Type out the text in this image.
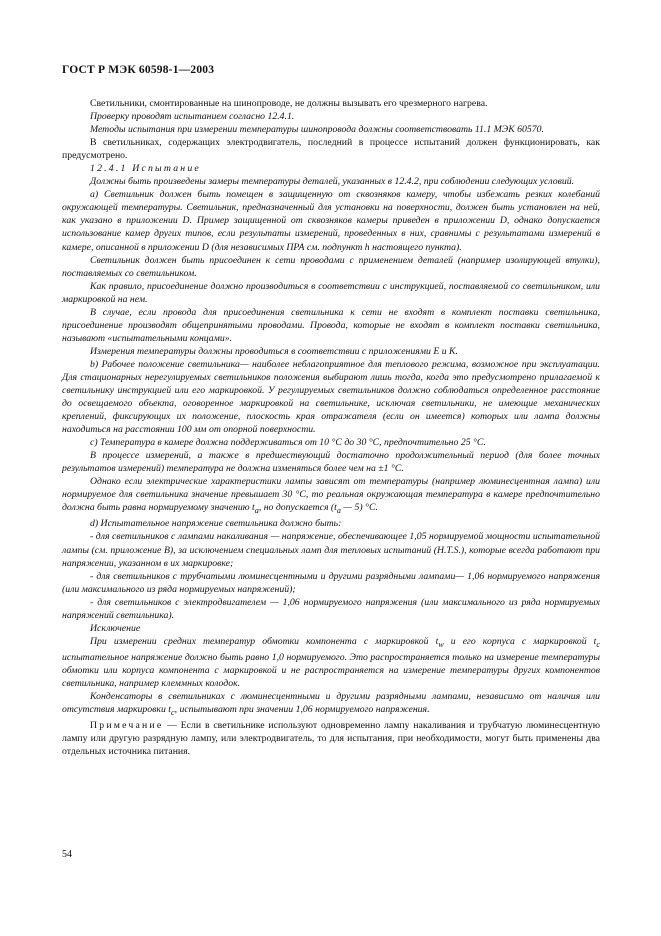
ГОСТ Р МЭК 60598-1—2003

Светильники, смонтированные на шинопроводе, не должны вызывать его чрезмерного нагрева.

Проверку проводят испытанием согласно 12.4.1.

Методы испытания при измерении температуры шинопровода должны соответствовать 11.1 МЭК 60570.

В светильниках, содержащих электродвигатель, последний в процессе испытаний должен функционировать, как предусмотрено.

12.4.1 Испытание

Должны быть произведены замеры температуры деталей, указанных в 12.4.2, при соблюдении следующих условий.

а) Светильник должен быть помещен в защищенную от сквозняков камеру, чтобы избежать резких колебаний окружающей температуры. Светильник, предназначенный для установки на поверхности, должен быть установлен на ней, как указано в приложении D. Пример защищенной от сквозняков камеры приведен в приложении D, однако допускается использование камер других типов, если результаты измерений, проведенных в них, сравнимы с результатами измерений в камере, описанной в приложении D (для независимых ПРА см. подпункт h настоящего пункта).

Светильник должен быть присоединен к сети проводами с применением деталей (например изолирующей втулки), поставляемых со светильником.

Как правило, присоединение должно производиться в соответствии с инструкцией, поставляемой со светильником, или маркировкой на нем.

В случае, если провода для присоединения светильника к сети не входят в комплект поставки светильника, присоединение производят общепринятыми проводами. Провода, которые не входят в комплект поставки светильника, называют «испытательными концами».

Измерения температуры должны проводиться в соответствии с приложениями E и K.

b) Рабочее положение светильника— наиболее неблагоприятное для теплового режима, возможное при эксплуатации. Для стационарных нерегулируемых светильников положения выбирают лишь тогда, когда это предусмотрено прилагаемой к светильнику инструкцией или его маркировкой. У регулируемых светильников должно соблюдаться определенное расстояние до освещаемого объекта, оговоренное маркировкой на светильнике, исключая светильники, не имеющие механических креплений, фиксирующих их положение, плоскость края отражателя (если он имеется) которых или лампа должны находиться на расстоянии 100 мм от опорной поверхности.

c) Температура в камере должна поддерживаться от 10 °C до 30 °C, предпочтительно 25 °C.

В процессе измерений, а также в предшествующий достаточно продолжительный период (для более точных результатов измерений) температура не должна изменяться более чем на ±1 °C.

Однако если электрические характеристики лампы зависят от температуры (например люминесцентная лампа) или нормируемое для светильника значение превышает 30 °C, то реальная окружающая температура в камере предпочтительно должна быть равна нормируемому значению $t_a$, но допускается ($t_a$ — 5) °C.

d) Испытательное напряжение светильника должно быть:

- для светильников с лампами накаливания — напряжение, обеспечивающее 1,05 нормируемой мощности испытательной лампы (см. приложение B), за исключением специальных ламп для тепловых испытаний (H.T.S.), которые всегда работают при напряжении, указанном в их маркировке;

- для светильников с трубчатыми люминесцентными и другими разрядными лампами— 1,06 нормируемого напряжения (или максимального из ряда нормируемых напряжений);

- для светильников с электродвигателем — 1,06 нормируемого напряжения (или максимального из ряда нормируемых напряжений светильника).

Исключение

При измерении средних температур обмотки компонента с маркировкой $t_w$ и его корпуса с маркировкой $t_c$ испытательное напряжение должно быть равно 1,0 нормируемого. Это распространяется только на измерение температуры обмотки или корпуса компонента с маркировкой и не распространяется на измерение температуры других компонентов светильника, например клеммных колодок.

Конденсаторы в светильниках с люминесцентными и другими разрядными лампами, независимо от наличия или отсутствия маркировки $t_c$, испытывают при значении 1,06 нормируемого напряжения.

Примечание — Если в светильнике используют одновременно лампу накаливания и трубчатую люминесцентную лампу или другую разрядную лампу, или электродвигатель, то для испытания, при необходимости, могут быть применены два отдельных источника питания.

54
